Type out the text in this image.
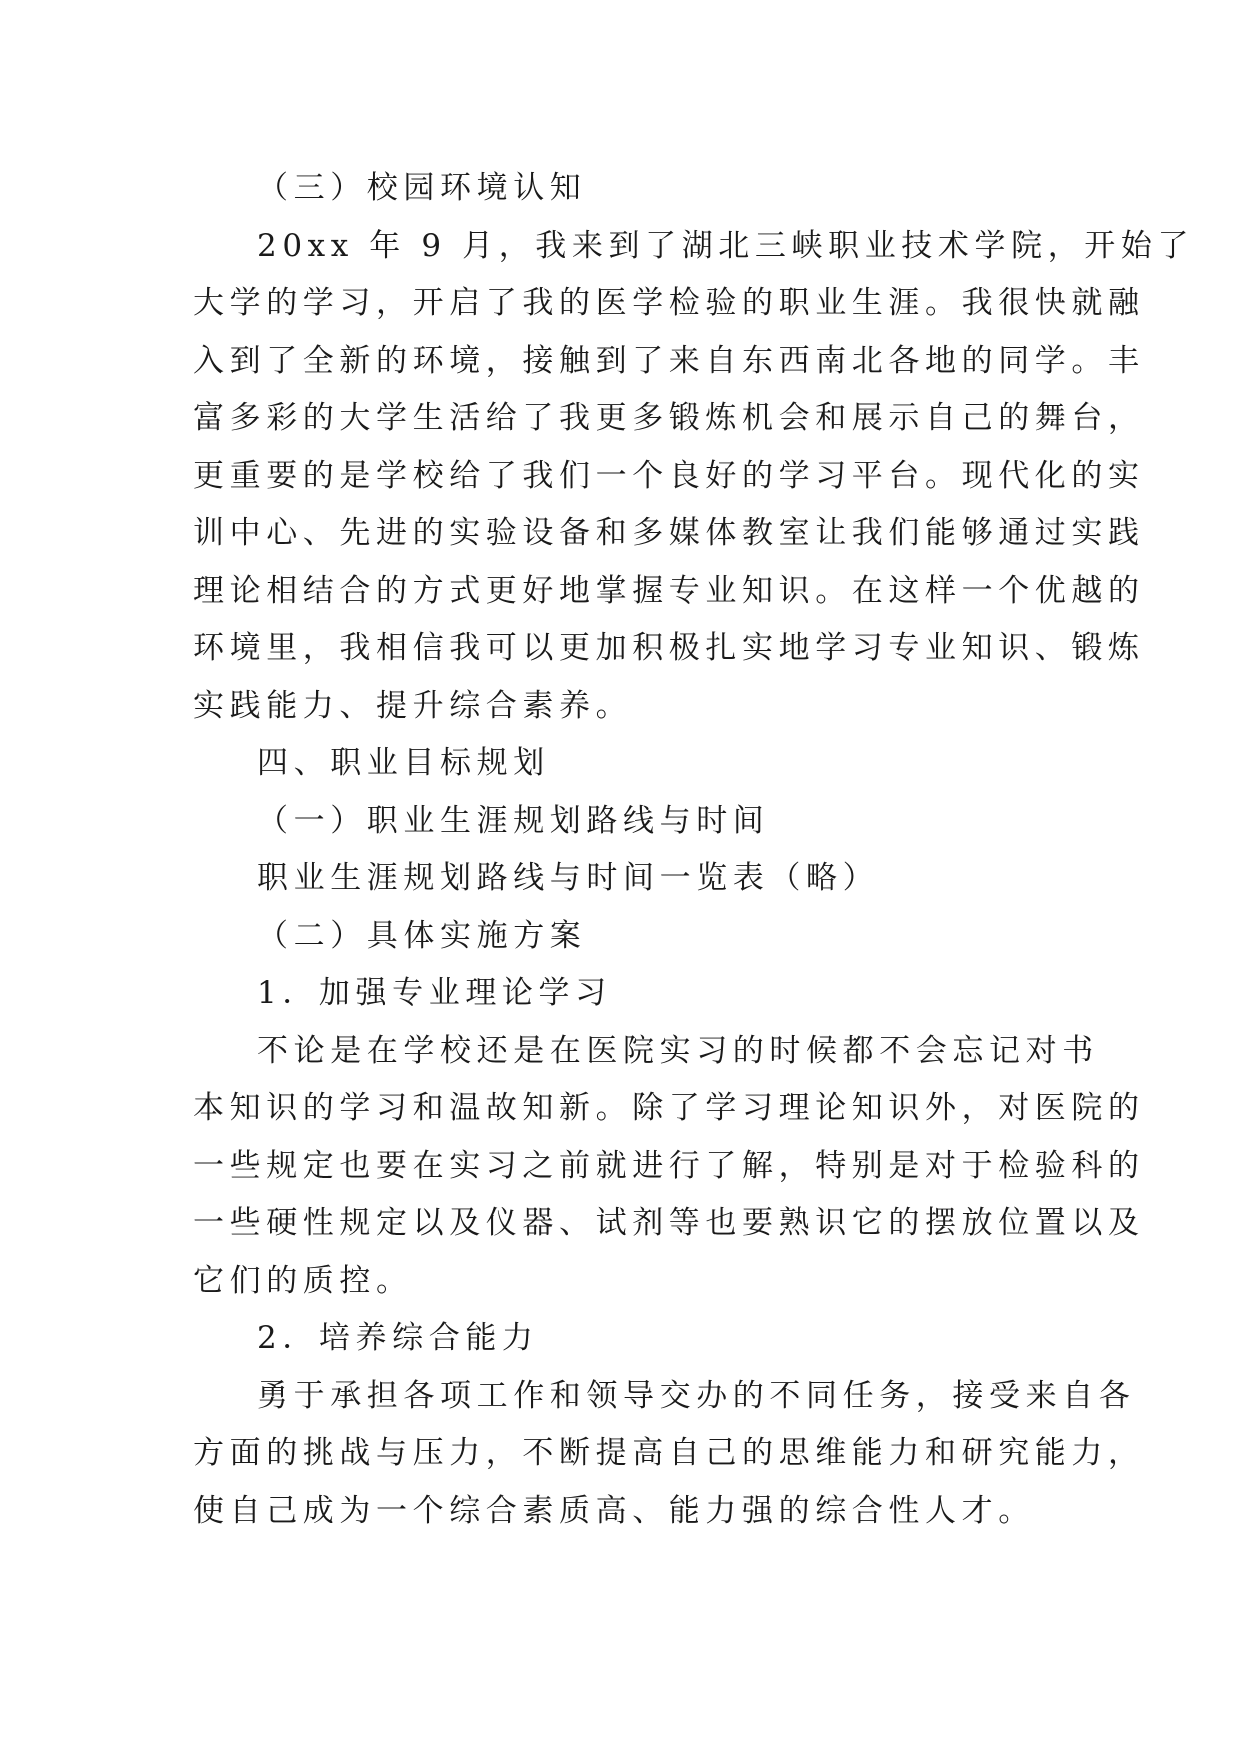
（三）校园环境认知
20xx 年 9 月，我来到了湖北三峡职业技术学院，开始了
大学的学习，开启了我的医学检验的职业生涯。我很快就融
入到了全新的环境，接触到了来自东西南北各地的同学。丰
富多彩的大学生活给了我更多锻炼机会和展示自己的舞台，
更重要的是学校给了我们一个良好的学习平台。现代化的实
训中心、先进的实验设备和多媒体教室让我们能够通过实践
理论相结合的方式更好地掌握专业知识。在这样一个优越的
环境里，我相信我可以更加积极扎实地学习专业知识、锻炼
实践能力、提升综合素养。
四、职业目标规划
（一）职业生涯规划路线与时间
职业生涯规划路线与时间一览表（略）
（二）具体实施方案
1．加强专业理论学习
不论是在学校还是在医院实习的时候都不会忘记对书
本知识的学习和温故知新。除了学习理论知识外，对医院的
一些规定也要在实习之前就进行了解，特别是对于检验科的
一些硬性规定以及仪器、试剂等也要熟识它的摆放位置以及
它们的质控。
2．培养综合能力
勇于承担各项工作和领导交办的不同任务，接受来自各
方面的挑战与压力，不断提高自己的思维能力和研究能力，
使自己成为一个综合素质高、能力强的综合性人才。
